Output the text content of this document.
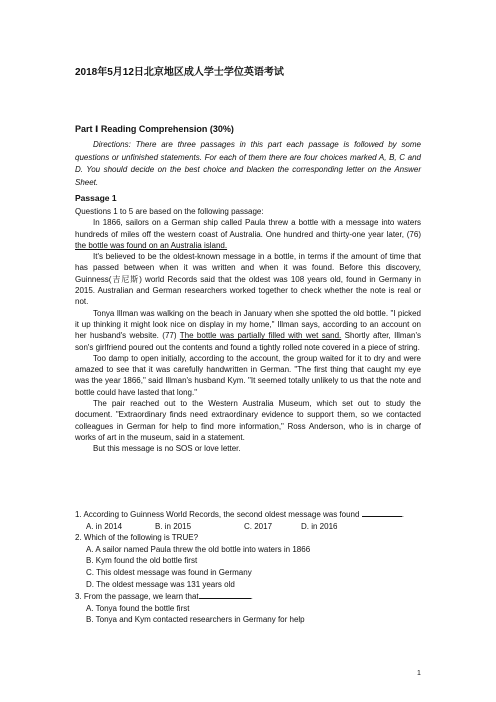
2018年5月12日北京地区成人学士学位英语考试
Part Ⅰ Reading Comprehension (30%)
Directions: There are three passages in this part each passage is followed by some questions or unfinished statements. For each of them there are four choices marked A, B, C and D. You should decide on the best choice and blacken the corresponding letter on the Answer Sheet.
Passage 1

Questions 1 to 5 are based on the following passage:

In 1866, sailors on a German ship called Paula threw a bottle with a message into waters hundreds of miles off the western coast of Australia. One hundred and thirty-one year later, (76) the bottle was found on an Australia island.

It's believed to be the oldest-known message in a bottle, in terms if the amount of time that has passed between when it was written and when it was found. Before this discovery, Guinness(吉尼斯) world Records said that the oldest was 108 years old, found in Germany in 2015. Australian and German researchers worked together to check whether the note is real or not.

Tonya Illman was walking on the beach in January when she spotted the old bottle. "I picked it up thinking it might look nice on display in my home," Illman says, according to an account on her husband's website. (77) The bottle was partially filled with wet sand. Shortly after, Illman's son's girlfriend poured out the contents and found a tightly rolled note covered in a piece of string.

Too damp to open initially, according to the account, the group waited for it to dry and were amazed to see that it was carefully handwritten in German. "The first thing that caught my eye was the year 1866," said Illman's husband Kym. "It seemed totally unlikely to us that the note and bottle could have lasted that long."

The pair reached out to the Western Australia Museum, which set out to study the document. "Extraordinary finds need extraordinary evidence to support them, so we contacted colleagues in German for help to find more information," Ross Anderson, who is in charge of works of art in the museum, said in a statement.

But this message is no SOS or love letter.

1. According to Guinness World Records, the second oldest message was found	.

A. in 2014	B. in 2015	C. 2017	D. in 2016

2. Which of the following is TRUE?

A. A sailor named Paula threw the old bottle into waters in 1866

B. Kym found the old bottle first

C. This oldest message was found in Germany

D. The oldest message was 131 years old

3. From the passage, we learn that	.

A. Tonya found the bottle first

B. Tonya and Kym contacted researchers in Germany for help

1
